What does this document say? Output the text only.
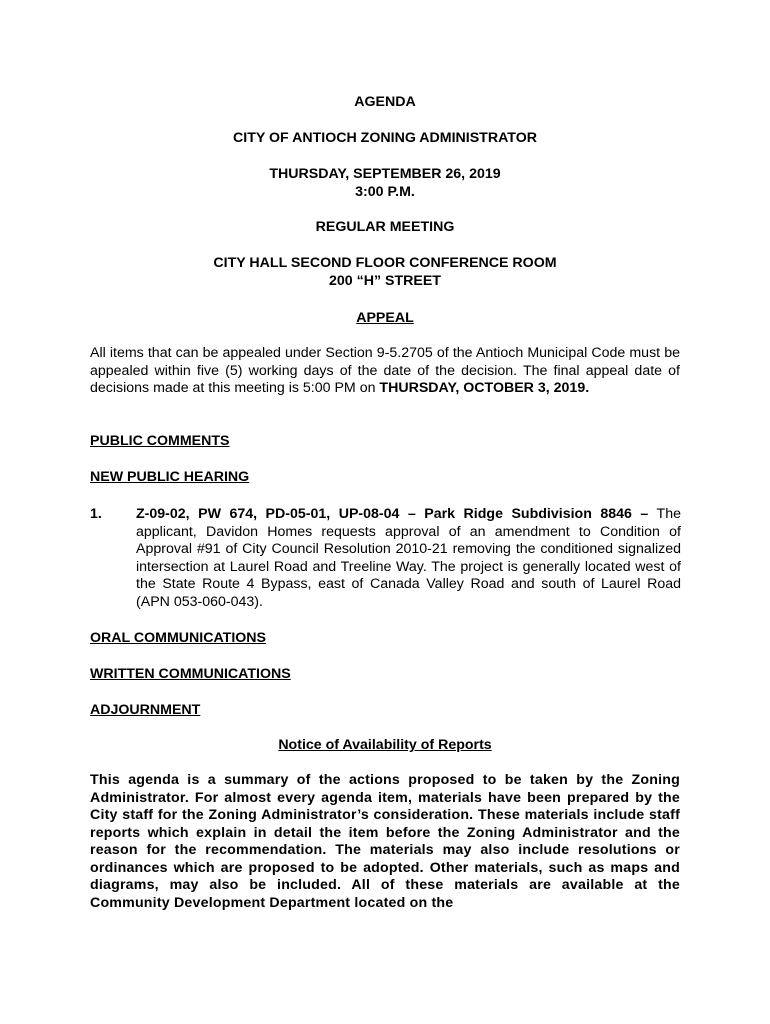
AGENDA
CITY OF ANTIOCH ZONING ADMINISTRATOR
THURSDAY, SEPTEMBER 26, 2019
3:00 P.M.
REGULAR MEETING
CITY HALL SECOND FLOOR CONFERENCE ROOM
200 “H” STREET
APPEAL
All items that can be appealed under Section 9-5.2705 of the Antioch Municipal Code must be appealed within five (5) working days of the date of the decision. The final appeal date of decisions made at this meeting is 5:00 PM on THURSDAY, OCTOBER 3, 2019.
PUBLIC COMMENTS
NEW PUBLIC HEARING
1. Z-09-02, PW 674, PD-05-01, UP-08-04 – Park Ridge Subdivision 8846 – The applicant, Davidon Homes requests approval of an amendment to Condition of Approval #91 of City Council Resolution 2010-21 removing the conditioned signalized intersection at Laurel Road and Treeline Way. The project is generally located west of the State Route 4 Bypass, east of Canada Valley Road and south of Laurel Road (APN 053-060-043).
ORAL COMMUNICATIONS
WRITTEN COMMUNICATIONS
ADJOURNMENT
Notice of Availability of Reports
This agenda is a summary of the actions proposed to be taken by the Zoning Administrator. For almost every agenda item, materials have been prepared by the City staff for the Zoning Administrator’s consideration. These materials include staff reports which explain in detail the item before the Zoning Administrator and the reason for the recommendation. The materials may also include resolutions or ordinances which are proposed to be adopted. Other materials, such as maps and diagrams, may also be included. All of these materials are available at the Community Development Department located on the
